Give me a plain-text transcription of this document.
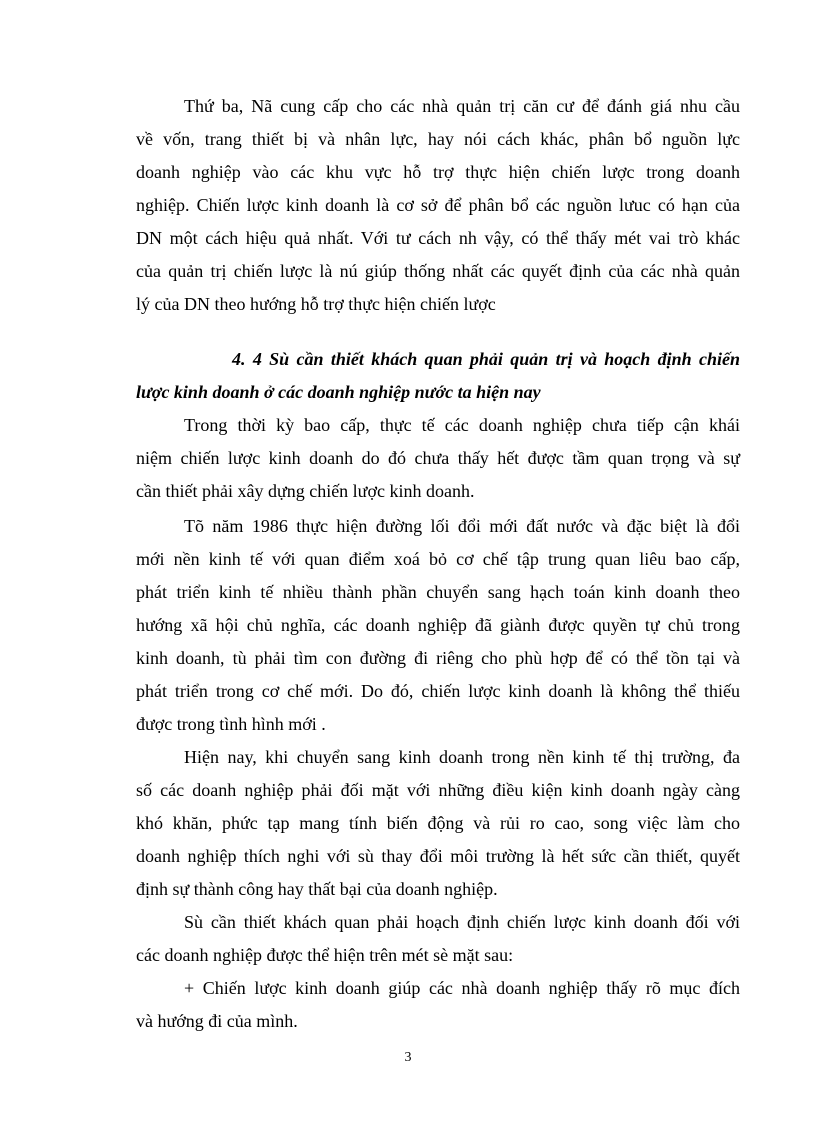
Thứ ba, Nã cung cấp cho các nhà quản trị căn cư để đánh giá nhu cầu
về vốn, trang thiết bị và nhân lực, hay nói cách khác, phân bổ nguồn lực
doanh nghiệp vào các khu vực hỗ trợ thực hiện chiến lược trong doanh
nghiệp. Chiến lược kinh doanh là cơ sở để phân bổ các nguồn lưuc có hạn của
DN một cách hiệu quả nhất. Với tư cách nh vậy, có thể thấy mét vai trò khác
của quản trị chiến lược là nú giúp thống nhất các quyết định của các nhà quản
lý của DN theo hướng hỗ trợ thực hiện chiến lược
4. 4 Sù cần thiết khách quan phải quản trị và hoạch định chiến
lược kinh doanh ở các doanh nghiệp nước ta hiện nay
Trong thời kỳ bao cấp, thực tế các doanh nghiệp chưa tiếp cận khái
niệm chiến lược kinh doanh do đó chưa thấy hết được tầm quan trọng và sự
cần thiết phải xây dựng chiến lược kinh doanh.
Tõ năm 1986 thực hiện đường lối đổi mới đất nước và đặc biệt là đổi
mới nền kinh tế với quan điểm xoá bỏ cơ chế tập trung quan liêu bao cấp,
phát triển kinh tế nhiều thành phần chuyển sang hạch toán kinh doanh theo
hướng xã hội chủ nghĩa, các doanh nghiệp đã giành được quyền tự chủ trong
kinh doanh, tù phải tìm con đường đi riêng cho phù hợp để có thể tồn tại và
phát triển trong cơ chế mới. Do đó, chiến lược kinh doanh là không thể thiếu
được trong tình hình mới .
Hiện nay, khi chuyển sang kinh doanh trong nền kinh tế thị trường, đa
số các doanh nghiệp phải đối mặt với những điều kiện kinh doanh ngày càng
khó khăn, phức tạp mang tính biến động và rủi ro cao, song việc làm cho
doanh nghiệp thích nghi với sù thay đổi môi trường là hết sức cần thiết, quyết
định sự thành công hay thất bại của doanh nghiệp.
Sù cần thiết khách quan phải hoạch định chiến lược kinh doanh đối với
các doanh nghiệp được thể hiện trên mét sè mặt sau:
+ Chiến lược kinh doanh giúp các nhà doanh nghiệp thấy rõ mục đích
và hướng đi của mình.
3
